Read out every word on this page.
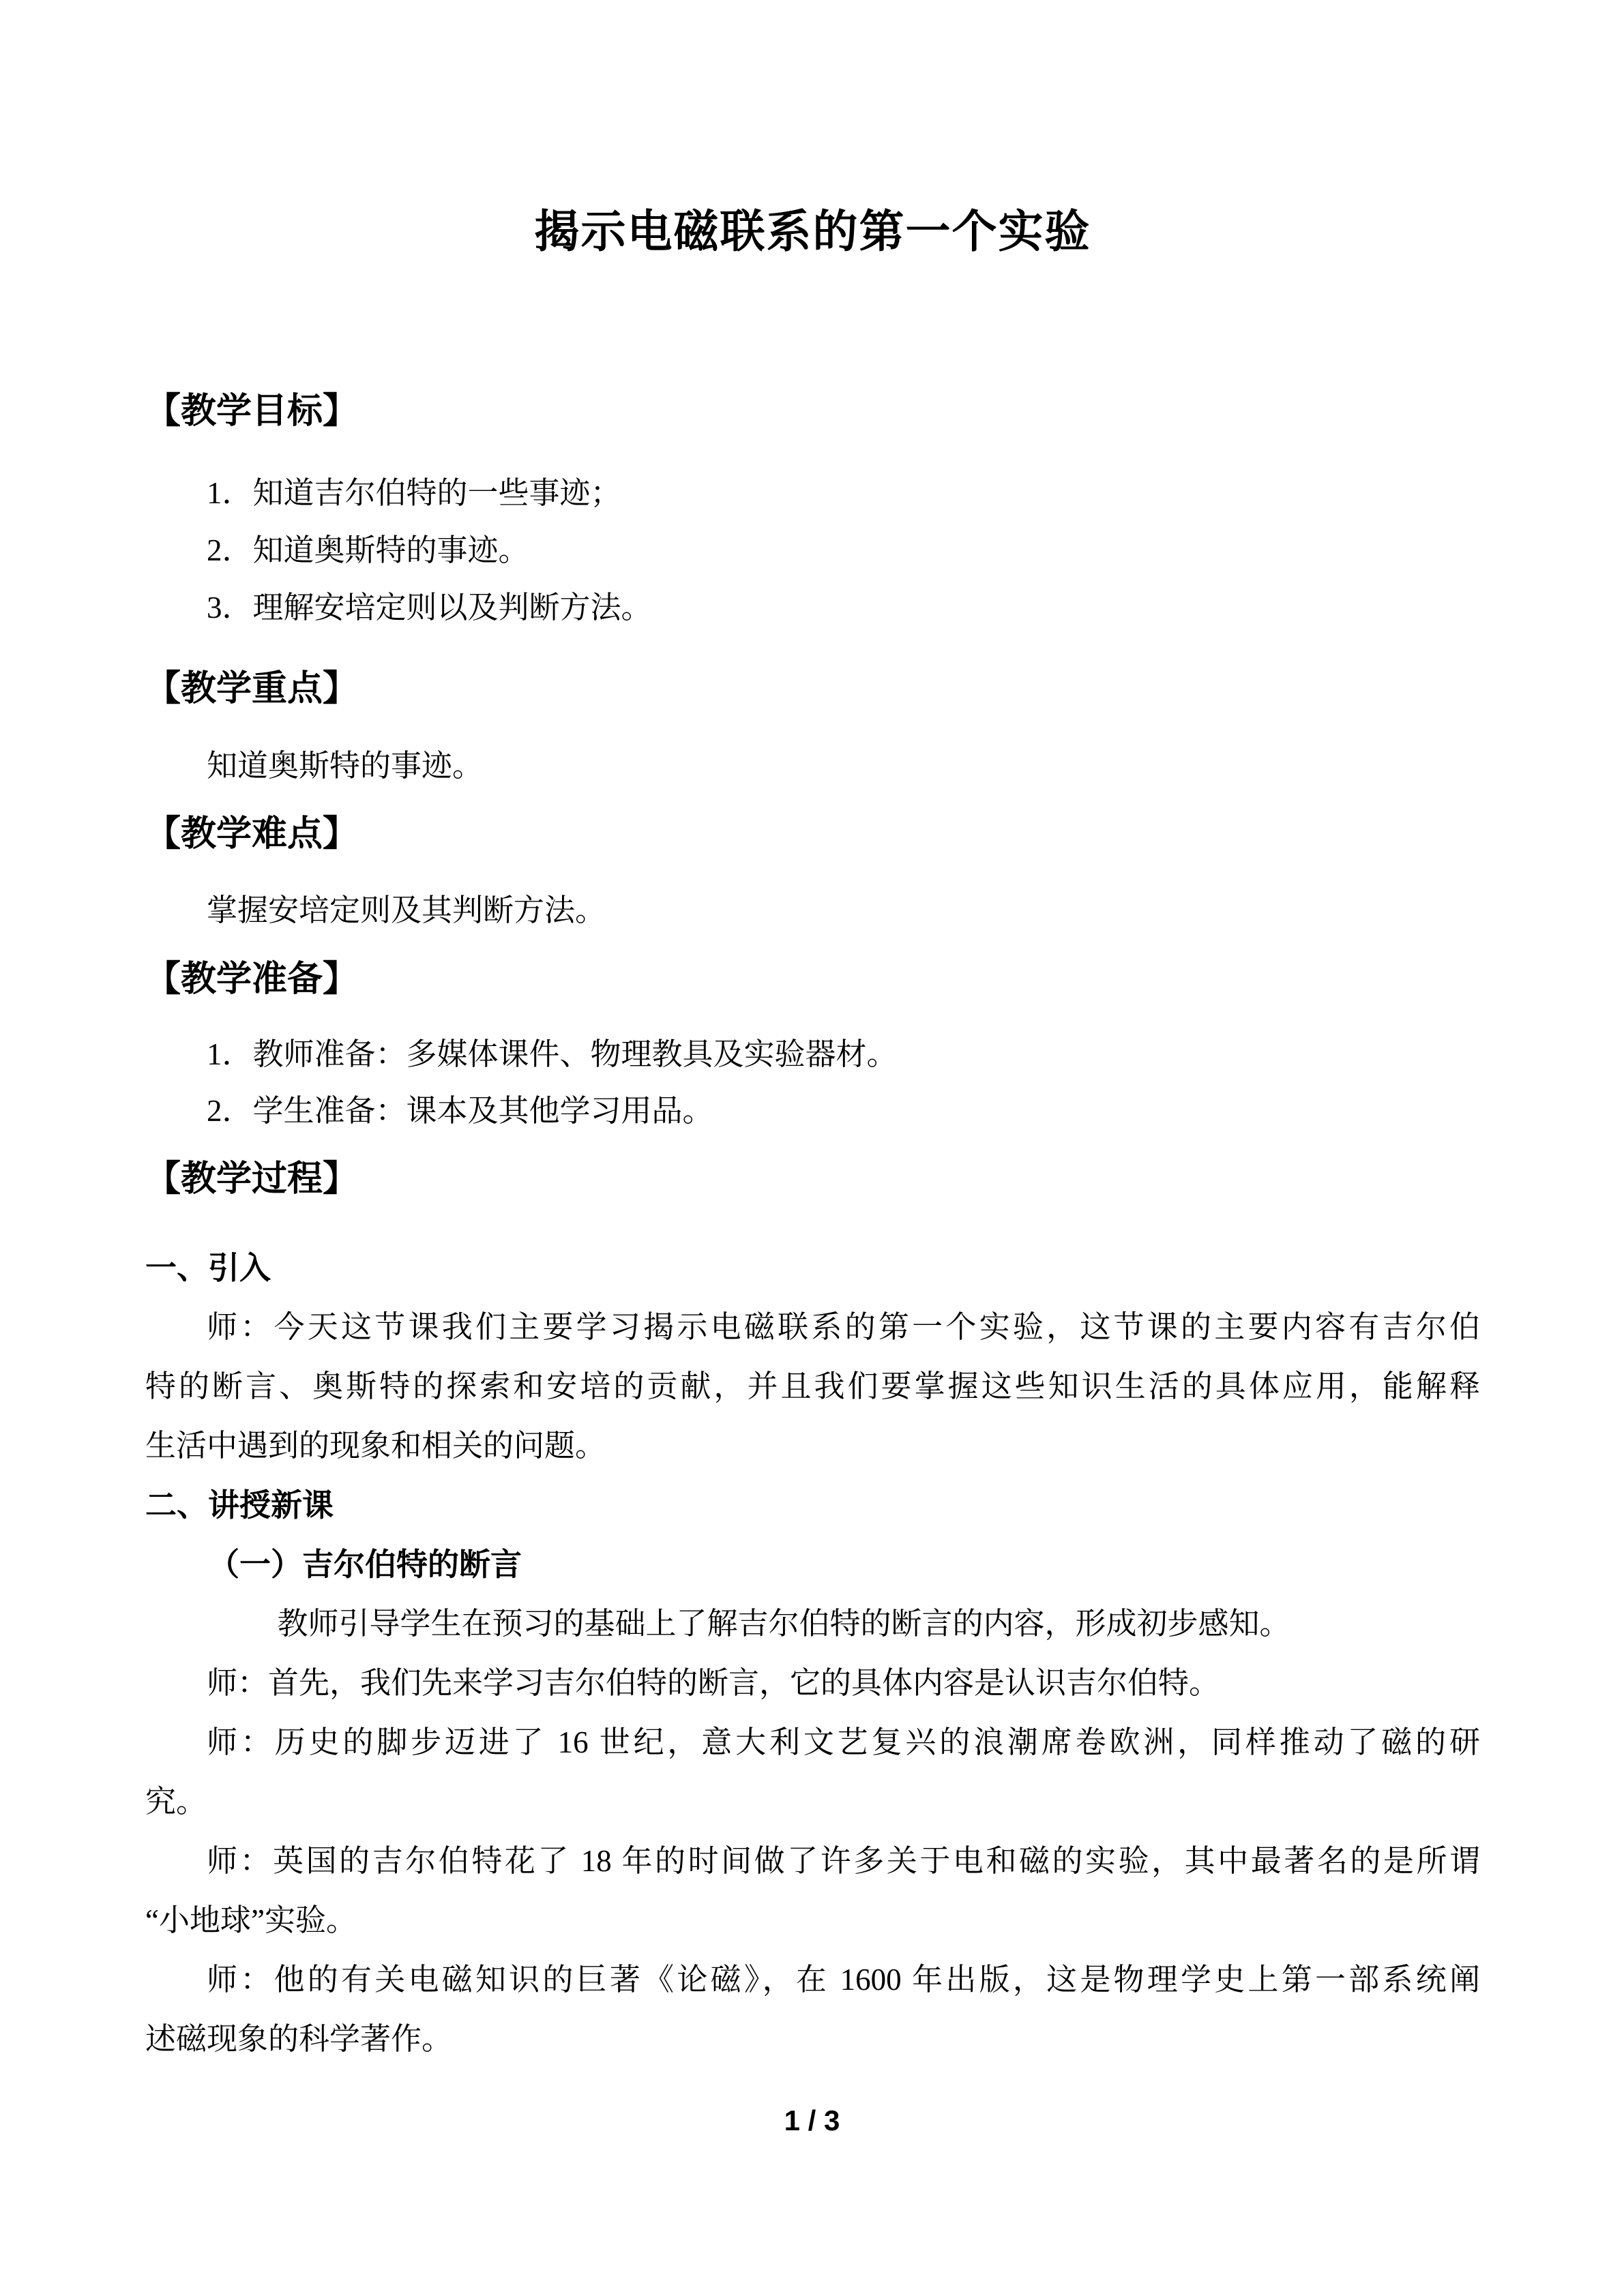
揭示电磁联系的第一个实验
【教学目标】
1．知道吉尔伯特的一些事迹；
2．知道奥斯特的事迹。
3．理解安培定则以及判断方法。
【教学重点】
知道奥斯特的事迹。
【教学难点】
掌握安培定则及其判断方法。
【教学准备】
1．教师准备：多媒体课件、物理教具及实验器材。
2．学生准备：课本及其他学习用品。
【教学过程】
一、引入
师：今天这节课我们主要学习揭示电磁联系的第一个实验，这节课的主要内容有吉尔伯
特的断言、奥斯特的探索和安培的贡献，并且我们要掌握这些知识生活的具体应用，能解释
生活中遇到的现象和相关的问题。
二、讲授新课
（一）吉尔伯特的断言
教师引导学生在预习的基础上了解吉尔伯特的断言的内容，形成初步感知。
师：首先，我们先来学习吉尔伯特的断言，它的具体内容是认识吉尔伯特。
师：历史的脚步迈进了 16 世纪，意大利文艺复兴的浪潮席卷欧洲，同样推动了磁的研
究。
师：英国的吉尔伯特花了 18 年的时间做了许多关于电和磁的实验，其中最著名的是所谓
“小地球”实验。
师：他的有关电磁知识的巨著《论磁》，在 1600 年出版，这是物理学史上第一部系统阐
述磁现象的科学著作。
1 / 3
